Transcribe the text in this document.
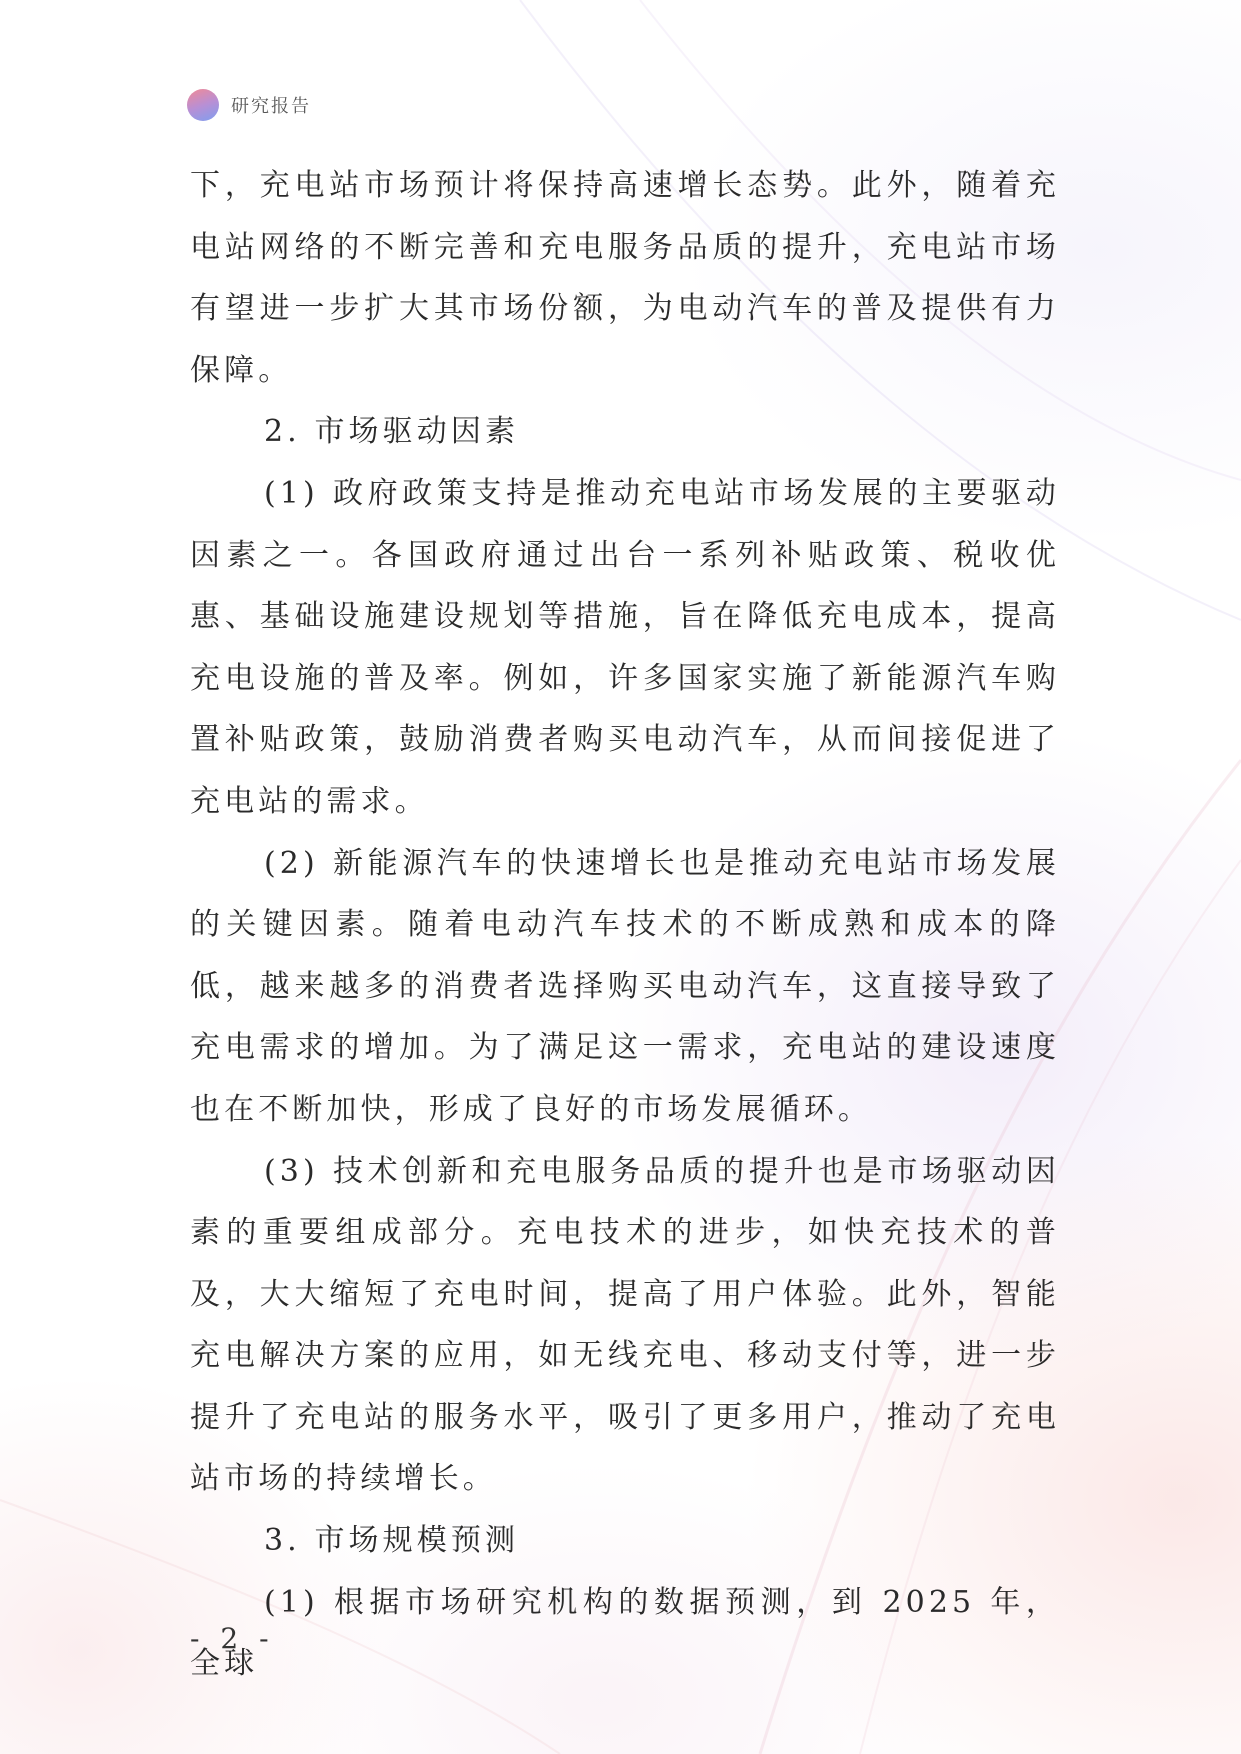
研究报告

下，充电站市场预计将保持高速增长态势。此外，随着充电站网络的不断完善和充电服务品质的提升，充电站市场有望进一步扩大其市场份额，为电动汽车的普及提供有力保障。

2. 市场驱动因素

(1) 政府政策支持是推动充电站市场发展的主要驱动因素之一。各国政府通过出台一系列补贴政策、税收优惠、基础设施建设规划等措施，旨在降低充电成本，提高充电设施的普及率。例如，许多国家实施了新能源汽车购置补贴政策，鼓励消费者购买电动汽车，从而间接促进了充电站的需求。

(2) 新能源汽车的快速增长也是推动充电站市场发展的关键因素。随着电动汽车技术的不断成熟和成本的降低，越来越多的消费者选择购买电动汽车，这直接导致了充电需求的增加。为了满足这一需求，充电站的建设速度也在不断加快，形成了良好的市场发展循环。

(3) 技术创新和充电服务品质的提升也是市场驱动因素的重要组成部分。充电技术的进步，如快充技术的普及，大大缩短了充电时间，提高了用户体验。此外，智能充电解决方案的应用，如无线充电、移动支付等，进一步提升了充电站的服务水平，吸引了更多用户，推动了充电站市场的持续增长。

3. 市场规模预测

(1) 根据市场研究机构的数据预测，到 2025 年，全球

- 2 -
